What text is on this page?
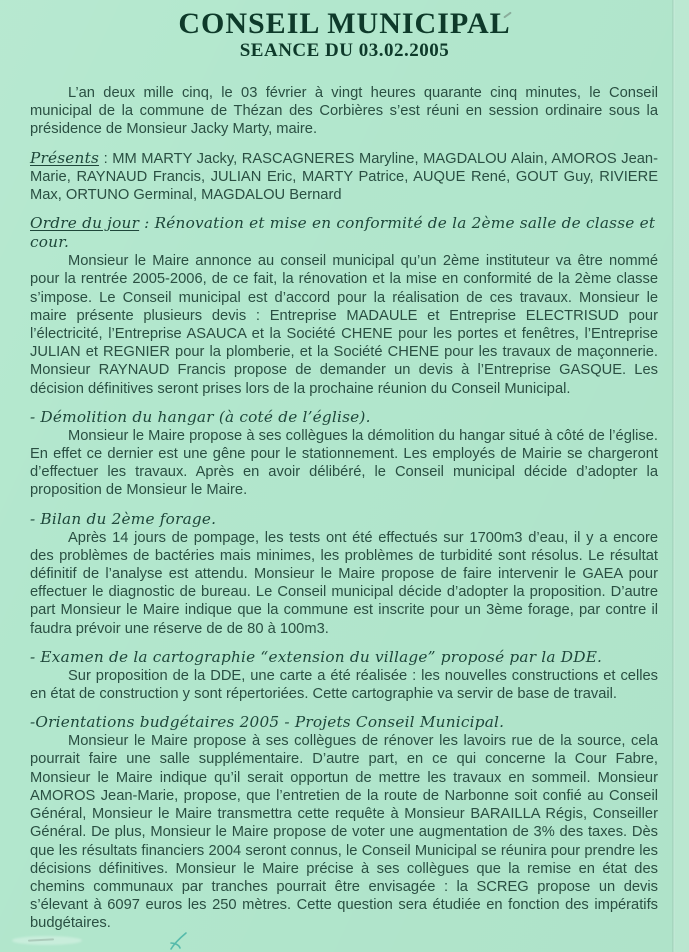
CONSEIL MUNICIPAL
SEANCE DU 03.02.2005

L’an deux mille cinq, le 03 février à vingt heures quarante cinq minutes, le Conseil municipal de la commune de Thézan des Corbières s’est réuni en session ordinaire sous la présidence de Monsieur Jacky Marty, maire.

Présents : MM MARTY Jacky, RASCAGNERES Maryline, MAGDALOU Alain, AMOROS Jean-Marie, RAYNAUD Francis, JULIAN Eric, MARTY Patrice, AUQUE René, GOUT Guy, RIVIERE Max, ORTUNO Germinal, MAGDALOU Bernard

Ordre du jour : Rénovation et mise en conformité de la 2ème salle de classe et cour.

Monsieur le Maire annonce au conseil municipal qu’un 2ème instituteur va être nommé pour la rentrée 2005-2006, de ce fait, la rénovation et la mise en conformité de la 2ème classe s’impose. Le Conseil municipal est d’accord pour la réalisation de ces travaux. Monsieur le maire présente plusieurs devis : Entreprise MADAULE et Entreprise ELECTRISUD pour l’électricité, l’Entreprise ASAUCA et la Société CHENE pour les portes et fenêtres, l’Entreprise JULIAN et REGNIER pour la plomberie, et la Société CHENE pour les travaux de maçonnerie. Monsieur RAYNAUD Francis propose de demander un devis à l’Entreprise GASQUE. Les décision définitives seront prises lors de la prochaine réunion du Conseil Municipal.

- Démolition du hangar (à coté de l’église).

Monsieur le Maire propose à ses collègues la démolition du hangar situé à côté de l’église. En effet ce dernier est une gêne pour le stationnement. Les employés de Mairie se chargeront d’effectuer les travaux. Après en avoir délibéré, le Conseil municipal décide d’adopter la proposition de Monsieur le Maire.

- Bilan du 2ème forage.

Après 14 jours de pompage, les tests ont été effectués sur 1700m3 d’eau, il y a encore des problèmes de bactéries mais minimes, les problèmes de turbidité sont résolus. Le résultat définitif de l’analyse est attendu. Monsieur le Maire propose de faire intervenir le GAEA pour effectuer le diagnostic de bureau. Le Conseil municipal décide d’adopter la proposition. D’autre part Monsieur le Maire indique que la commune est inscrite pour un 3ème forage, par contre il faudra prévoir une réserve de de 80 à 100m3.

- Examen de la cartographie “extension du village” proposé par la DDE.

Sur proposition de la DDE, une carte a été réalisée : les nouvelles constructions et celles en état de construction y sont répertoriées. Cette cartographie va servir de base de travail.

-Orientations budgétaires 2005 - Projets Conseil Municipal.

Monsieur le Maire propose à ses collègues de rénover les lavoirs rue de la source, cela pourrait faire une salle supplémentaire. D’autre part, en ce qui concerne la Cour Fabre, Monsieur le Maire indique qu’il serait opportun de mettre les travaux en sommeil. Monsieur AMOROS Jean-Marie, propose, que l’entretien de la route de Narbonne soit confié au Conseil Général, Monsieur le Maire transmettra cette requête à Monsieur BARAILLA Régis, Conseiller Général. De plus, Monsieur le Maire propose de voter une augmentation de 3% des taxes. Dès que les résultats financiers 2004 seront connus, le Conseil Municipal se réunira pour prendre les décisions définitives. Monsieur le Maire précise à ses collègues que la remise en état des chemins communaux par tranches pourrait être envisagée : la SCREG propose un devis s’élevant à 6097 euros les 250 mètres. Cette question sera étudiée en fonction des impératifs budgétaires.
